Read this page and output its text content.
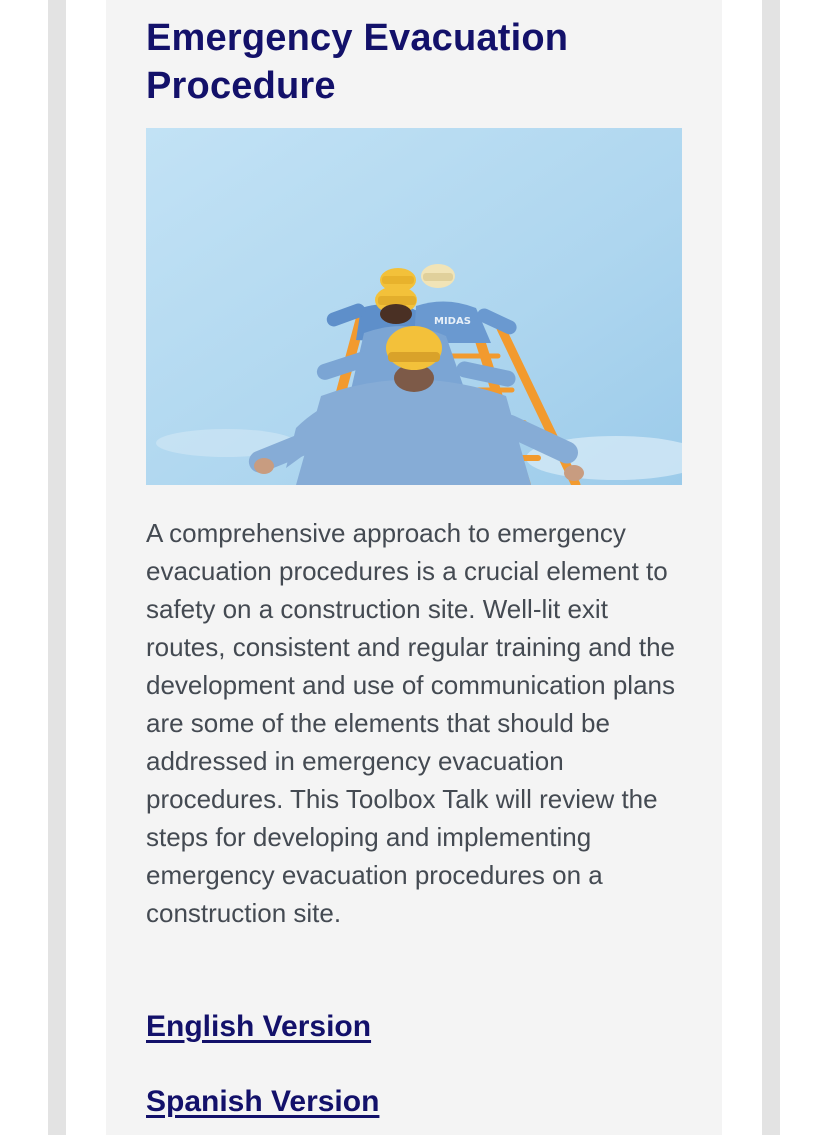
Emergency Evacuation Procedure
MIDAS

A comprehensive approach to emergency evacuation procedures is a crucial element to safety on a construction site. Well-lit exit routes, consistent and regular training and the development and use of communication plans are some of the elements that should be addressed in emergency evacuation procedures. This Toolbox Talk will review the steps for developing and implementing emergency evacuation procedures on a construction site.

English Version
Spanish Version
